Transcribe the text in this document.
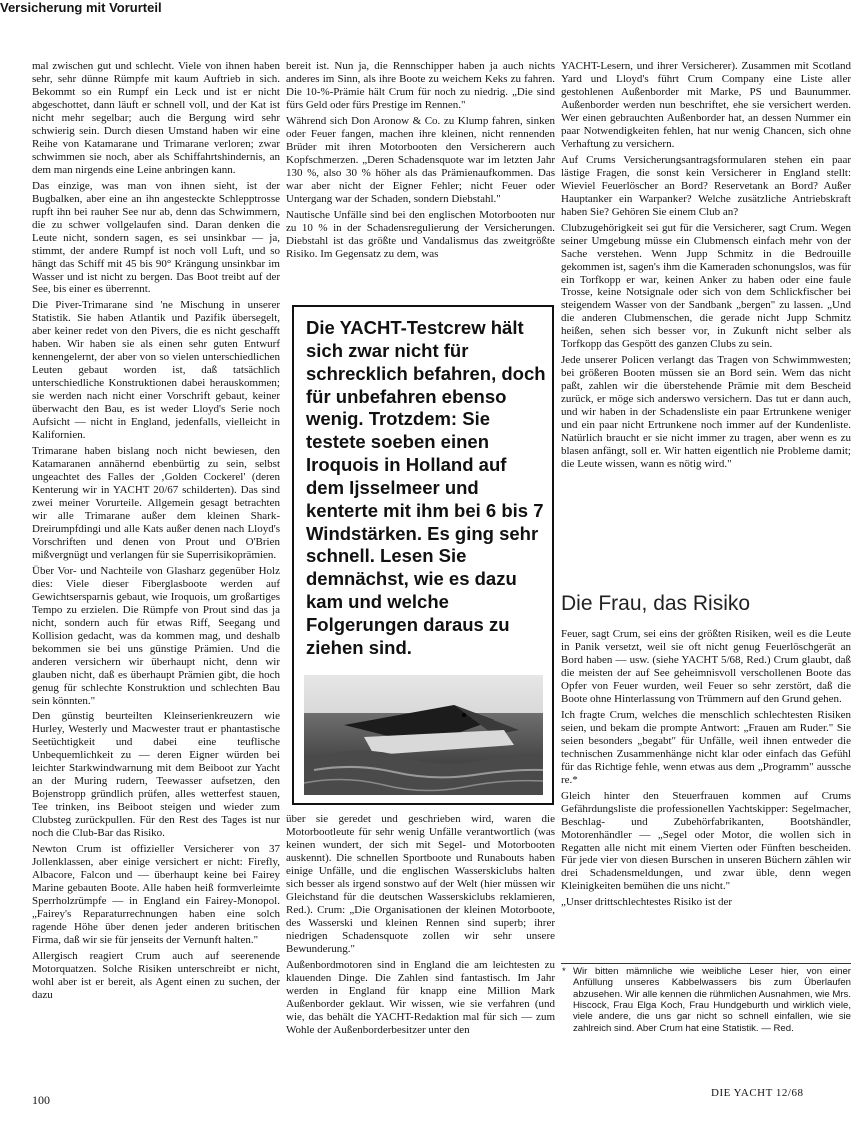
Versicherung mit Vorurteil

mal zwischen gut und schlecht. Viele von ihnen haben sehr, sehr dünne Rümpfe mit kaum Auftrieb in sich. Bekommt so ein Rumpf ein Leck und ist er nicht abgeschottet, dann läuft er schnell voll, und der Kat ist nicht mehr segelbar; auch die Bergung wird sehr schwierig sein. Durch diesen Umstand haben wir eine Reihe von Katamarane und Trimarane verloren; zwar schwimmen sie noch, aber als Schiffahrtshindernis, an dem man nirgends eine Leine anbringen kann.

Das einzige, was man von ihnen sieht, ist der Bugbalken, aber eine an ihn angesteckte Schlepptrosse rupft ihn bei rauher See nur ab, denn das Schwimmern, die zu schwer vollgelaufen sind. Daran denken die Leute nicht, sondern sagen, es sei unsinkbar — ja, stimmt, der andere Rumpf ist noch voll Luft, und so hängt das Schiff mit 45 bis 90° Krängung unsinkbar im Wasser und ist nicht zu bergen. Das Boot treibt auf der See, bis einer es überrennt.

Die Piver-Trimarane sind 'ne Mischung in unserer Statistik. Sie haben Atlantik und Pazifik übersegelt, aber keiner redet von den Pivers, die es nicht geschafft haben. Wir haben sie als einen sehr guten Entwurf kennengelernt, der aber von so vielen unterschiedlichen Leuten gebaut worden ist, daß tatsächlich unterschiedliche Konstruktionen dabei herauskommen; sie werden nach nicht einer Vorschrift gebaut, keiner überwacht den Bau, es ist weder Lloyd's Serie noch Aufsicht — nicht in England, jedenfalls, vielleicht in Kalifornien.

Trimarane haben bislang noch nicht bewiesen, den Katamaranen annähernd ebenbürtig zu sein, selbst ungeachtet des Falles der ‚Golden Cockerel' (deren Kenterung wir in YACHT 20/67 schilderten). Das sind zwei meiner Vorurteile. Allgemein gesagt betrachten wir alle Trimarane außer dem kleinen Shark-Dreirumpfdingi und alle Kats außer denen nach Lloyd's Vorschriften und denen von Prout und O'Brien mißvergnügt und verlangen für sie Superrisikoprämien.

Über Vor- und Nachteile von Glasharz gegenüber Holz dies: Viele dieser Fiberglasboote werden auf Gewichtsersparnis gebaut, wie Iroquois, um großartiges Tempo zu erzielen. Die Rümpfe von Prout sind das ja nicht, sondern auch für etwas Riff, Seegang und Kollision gedacht, was da kommen mag, und deshalb bekommen sie bei uns günstige Prämien. Und die anderen versichern wir überhaupt nicht, denn wir glauben nicht, daß es überhaupt Prämien gibt, die hoch genug für schlechte Konstruktion und schlechten Bau sein könnten."

Den günstig beurteilten Kleinserienkreuzern wie Hurley, Westerly und Macwester traut er phantastische Seetüchtigkeit und dabei eine teuflische Unbequemlichkeit zu — deren Eigner würden bei leichter Starkwindwarnung mit dem Beiboot zur Yacht an der Muring rudern, Teewasser aufsetzen, den Bojenstropp gründlich prüfen, alles wetterfest stauen, Tee trinken, ins Beiboot steigen und wieder zum Clubsteg zurückpullen. Für den Rest des Tages ist nur noch die Club-Bar das Risiko.

Newton Crum ist offizieller Versicherer von 37 Jollenklassen, aber einige versichert er nicht: Firefly, Albacore, Falcon und — überhaupt keine bei Fairey Marine gebauten Boote. Alle haben heiß formverleimte Sperrholzrümpfe — in England ein Fairey-Monopol. „Fairey's Reparaturrechnungen haben eine solch ragende Höhe über denen jeder anderen britischen Firma, daß wir sie für jenseits der Vernunft halten."

Allergisch reagiert Crum auch auf seerenende Motorquatzen. Solche Risiken unterschreibt er nicht, wohl aber ist er bereit, als Agent einen zu suchen, der dazu

bereit ist. Nun ja, die Rennschipper haben ja auch nichts anderes im Sinn, als ihre Boote zu weichem Keks zu fahren. Die 10-%-Prämie hält Crum für noch zu niedrig. „Die sind fürs Geld oder fürs Prestige im Rennen."

Während sich Don Aronow & Co. zu Klump fahren, sinken oder Feuer fangen, machen ihre kleinen, nicht rennenden Brüder mit ihren Motorbooten den Versicherern auch Kopfschmerzen. „Deren Schadensquote war im letzten Jahr 130 %, also 30 % höher als das Prämienaufkommen. Das war aber nicht der Eigner Fehler; nicht Feuer oder Untergang war der Schaden, sondern Diebstahl."

Nautische Unfälle sind bei den englischen Motorbooten nur zu 10 % in der Schadensregulierung der Versicherungen. Diebstahl ist das größte und Vandalismus das zweitgrößte Risiko. Im Gegensatz zu dem, was

Die YACHT-Testcrew hält sich zwar nicht für schrecklich befahren, doch für unbefahren ebenso wenig. Trotzdem: Sie testete soeben einen Iroquois in Holland auf dem Ijsselmeer und kenterte mit ihm bei 6 bis 7 Windstärken. Es ging sehr schnell. Lesen Sie demnächst, wie es dazu kam und welche Folgerungen daraus zu ziehen sind.

über sie geredet und geschrieben wird, waren die Motorbootleute für sehr wenig Unfälle verantwortlich (was keinen wundert, der sich mit Segel- und Motorbooten auskennt). Die schnellen Sportboote und Runabouts haben einige Unfälle, und die englischen Wasserskiclubs halten sich besser als irgend sonstwo auf der Welt (hier müssen wir Gleichstand für die deutschen Wasserskiclubs reklamieren, Red.). Crum: „Die Organisationen der kleinen Motorboote, des Wasserski und kleinen Rennen sind superb; ihrer niedrigen Schadensquote zollen wir sehr unsere Bewunderung."

Außenbordmotoren sind in England die am leichtesten zu klauenden Dinge. Die Zahlen sind fantastisch. Im Jahr werden in England für knapp eine Million Mark Außenborder geklaut. Wir wissen, wie sie verfahren (und wie, das behält die YACHT-Redaktion mal für sich — zum Wohle der Außenborderbesitzer unter den

YACHT-Lesern, und ihrer Versicherer). Zusammen mit Scotland Yard und Lloyd's führt Crum Company eine Liste aller gestohlenen Außenborder mit Marke, PS und Baunummer. Außenborder werden nun beschriftet, ehe sie versichert werden. Wer einen gebrauchten Außenborder hat, an dessen Nummer ein paar Notwendigkeiten fehlen, hat nur wenig Chancen, sich ohne Verhaftung zu versichern.

Auf Crums Versicherungsantragsformularen stehen ein paar lästige Fragen, die sonst kein Versicherer in England stellt: Wieviel Feuerlöscher an Bord? Reservetank an Bord? Außer Hauptanker ein Warpanker? Welche zusätzliche Antriebskraft haben Sie? Gehören Sie einem Club an?

Clubzugehörigkeit sei gut für die Versicherer, sagt Crum. Wegen seiner Umgebung müsse ein Clubmensch einfach mehr von der Sache verstehen. Wenn Jupp Schmitz in die Bedrouille gekommen ist, sagen's ihm die Kameraden schonungslos, was für ein Torfkopp er war, keinen Anker zu haben oder eine faule Trosse, keine Notsignale oder sich von dem Schlickfischer bei steigendem Wasser von der Sandbank „bergen" zu lassen. „Und die anderen Clubmenschen, die gerade nicht Jupp Schmitz heißen, sehen sich besser vor, in Zukunft nicht selber als Torfkopp das Gespött des ganzen Clubs zu sein.

Jede unserer Policen verlangt das Tragen von Schwimmwesten; bei größeren Booten müssen sie an Bord sein. Wem das nicht paßt, zahlen wir die überstehende Prämie mit dem Bescheid zurück, er möge sich anderswo versichern. Das tut er dann auch, und wir haben in der Schadensliste ein paar Ertrunkene weniger und ein paar nicht Ertrunkene noch immer auf der Kundenliste. Natürlich braucht er sie nicht immer zu tragen, aber wenn es zu blasen anfängt, soll er. Wir hatten eigentlich nie Probleme damit; die Leute wissen, wann es nötig wird."

Die Frau, das Risiko

Feuer, sagt Crum, sei eins der größten Risiken, weil es die Leute in Panik versetzt, weil sie oft nicht genug Feuerlöschgerät an Bord haben — usw. (siehe YACHT 5/68, Red.) Crum glaubt, daß die meisten der auf See geheimnisvoll verschollenen Boote das Opfer von Feuer wurden, weil Feuer so sehr zerstört, daß die Boote ohne Hinterlassung von Trümmern auf den Grund gehen.

Ich fragte Crum, welches die menschlich schlechtesten Risiken seien, und bekam die prompte Antwort: „Frauen am Ruder." Sie seien besonders „begabt" für Unfälle, weil ihnen entweder die technischen Zusammenhänge nicht klar oder einfach das Gefühl für das Richtige fehle, wenn etwas aus dem „Programm" aussche re.*

Gleich hinter den Steuerfrauen kommen auf Crums Gefährdungsliste die professionellen Yachtskipper: Segelmacher, Beschlag- und Zubehörfabrikanten, Bootshändler, Motorenhändler — „Segel oder Motor, die wollen sich in Regatten alle nicht mit einem Vierten oder Fünften bescheiden. Für jede vier von diesen Burschen in unseren Büchern zählen wir drei Schadensmeldungen, und zwar üble, denn wegen Kleinigkeiten bemühen die uns nicht."

„Unser drittschlechtestes Risiko ist der

* Wir bitten mämnliche wie weibliche Leser hier, von einer Anfüllung unseres Kabbelwassers bis zum Überlaufen abzusehen. Wir alle kennen die rühmlichen Ausnahmen, wie Mrs. Hiscock, Frau Elga Koch, Frau Hundgeburth und wirklich viele, viele andere, die uns gar nicht so schnell einfallen, wie sie zahlreich sind. Aber Crum hat eine Statistik. — Red.
100	DIE YACHT 12/68
